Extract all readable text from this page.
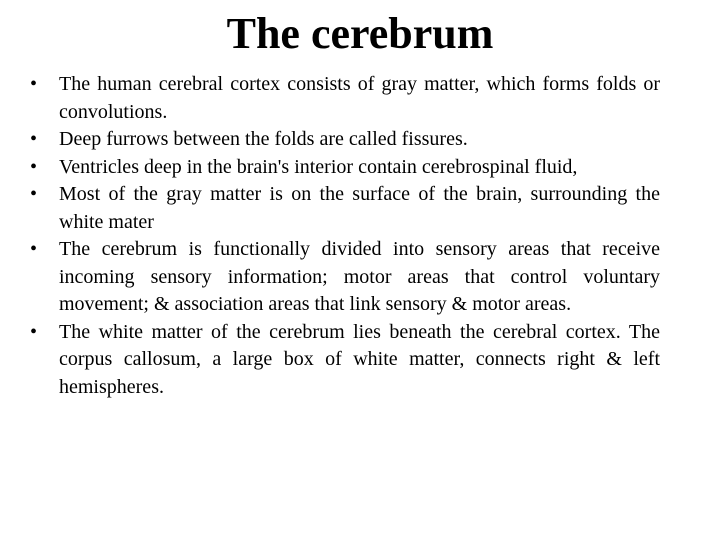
The cerebrum
•	The human cerebral cortex consists of gray matter, which forms folds or convolutions.
•	Deep furrows between the folds are called fissures.
•	Ventricles deep in the brain's interior contain cerebrospinal fluid,
•	Most of the gray matter is on the surface of the brain, surrounding the white mater
•	The cerebrum is functionally divided into sensory areas that receive incoming sensory information; motor areas that control voluntary movement; & association areas that link sensory & motor areas.
•	The white matter of the cerebrum lies beneath the cerebral cortex. The corpus callosum, a large box of white matter, connects right & left hemispheres.
